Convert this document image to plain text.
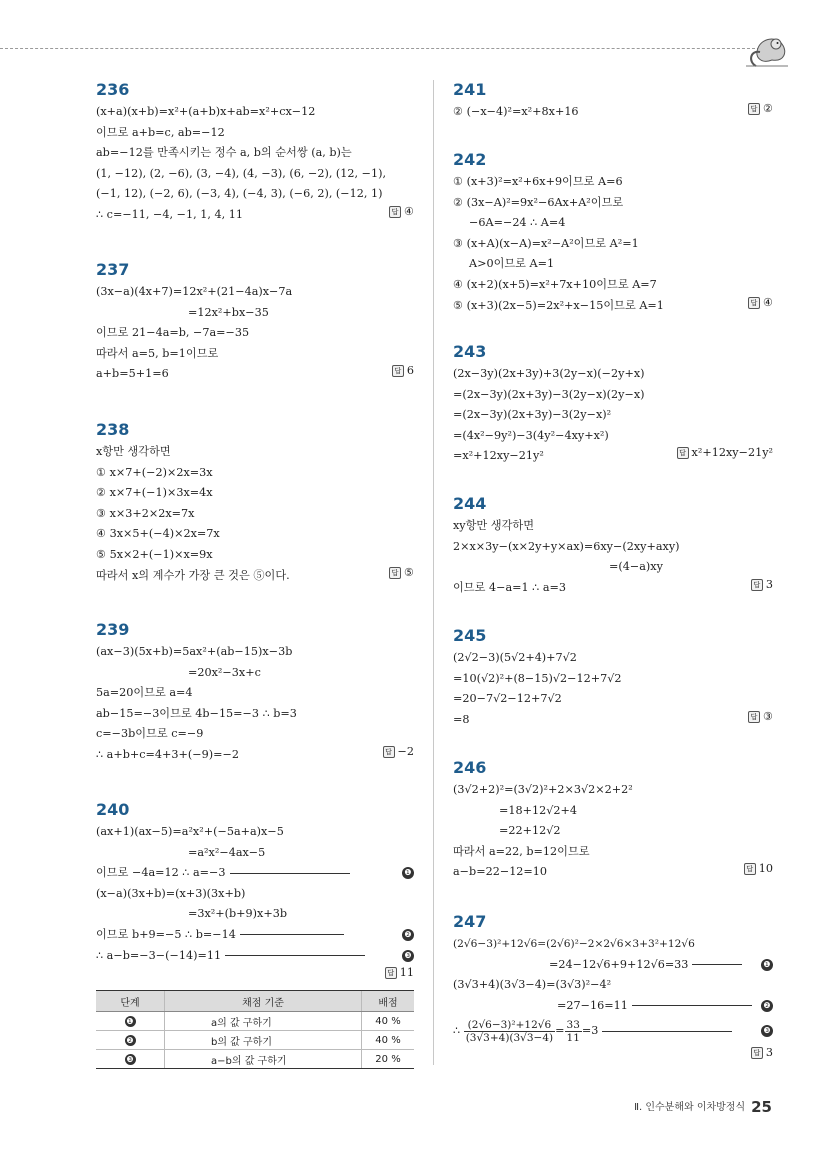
236
(x+a)(x+b)=x²+(a+b)x+ab=x²+cx−12
이므로 a+b=c, ab=−12
ab=−12를 만족시키는 정수 a, b의 순서쌍 (a, b)는
(1, −12), (2, −6), (3, −4), (4, −3), (6, −2), (12, −1),
(−1, 12), (−2, 6), (−3, 4), (−4, 3), (−6, 2), (−12, 1)
∴ c=−11, −4, −1, 1, 4, 11	답 ④
237
(3x−a)(4x+7)=12x²+(21−4a)x−7a
=12x²+bx−35
이므로 21−4a=b, −7a=−35
따라서 a=5, b=1이므로
a+b=5+1=6	답 6
238
x항만 생각하면
① x×7+(−2)×2x=3x
② x×7+(−1)×3x=4x
③ x×3+2×2x=7x
④ 3x×5+(−4)×2x=7x
⑤ 5x×2+(−1)×x=9x
따라서 x의 계수가 가장 큰 것은 ⑤이다.	답 ⑤
239
(ax−3)(5x+b)=5ax²+(ab−15)x−3b
=20x²−3x+c
5a=20이므로 a=4
ab−15=−3이므로 4b−15=−3 ∴ b=3
c=−3b이므로 c=−9
∴ a+b+c=4+3+(−9)=−2	답 −2
240
(ax+1)(ax−5)=a²x²+(−5a+a)x−5
=a²x²−4ax−5
이므로 −4a=12 ∴ a=−3	❶
(x−a)(3x+b)=(x+3)(3x+b)
=3x²+(b+9)x+3b
이므로 b+9=−5 ∴ b=−14	❷
∴ a−b=−3−(−14)=11	❸
답 11
단계	채점 기준	배점
❶	a의 값 구하기	40 %
❷	b의 값 구하기	40 %
❸	a−b의 값 구하기	20 %
241
② (−x−4)²=x²+8x+16	답 ②
242
① (x+3)²=x²+6x+9이므로 A=6
② (3x−A)²=9x²−6Ax+A²이므로
−6A=−24 ∴ A=4
③ (x+A)(x−A)=x²−A²이므로 A²=1
A>0이므로 A=1
④ (x+2)(x+5)=x²+7x+10이므로 A=7
⑤ (x+3)(2x−5)=2x²+x−15이므로 A=1	답 ④
243
(2x−3y)(2x+3y)+3(2y−x)(−2y+x)
=(2x−3y)(2x+3y)−3(2y−x)(2y−x)
=(2x−3y)(2x+3y)−3(2y−x)²
=(4x²−9y²)−3(4y²−4xy+x²)
=x²+12xy−21y²	답 x²+12xy−21y²
244
xy항만 생각하면
2×x×3y−(x×2y+y×ax)=6xy−(2xy+axy)
=(4−a)xy
이므로 4−a=1 ∴ a=3	답 3
245
(2√2−3)(5√2+4)+7√2
=10(√2)²+(8−15)√2−12+7√2
=20−7√2−12+7√2
=8	답 ③
246
(3√2+2)²=(3√2)²+2×3√2×2+2²
=18+12√2+4
=22+12√2
따라서 a=22, b=12이므로
a−b=22−12=10	답 10
247
(2√6−3)²+12√6=(2√6)²−2×2√6×3+3²+12√6
=24−12√6+9+12√6=33	❶
(3√3+4)(3√3−4)=(3√3)²−4²
=27−16=11	❷
∴ $\frac{\text{(2√6−3)²+12√6}}{(3√3+4)(3√3-4)} = \frac{33}{11} =3$	❸
답 3
Ⅱ. 인수분해와 이차방정식 25
